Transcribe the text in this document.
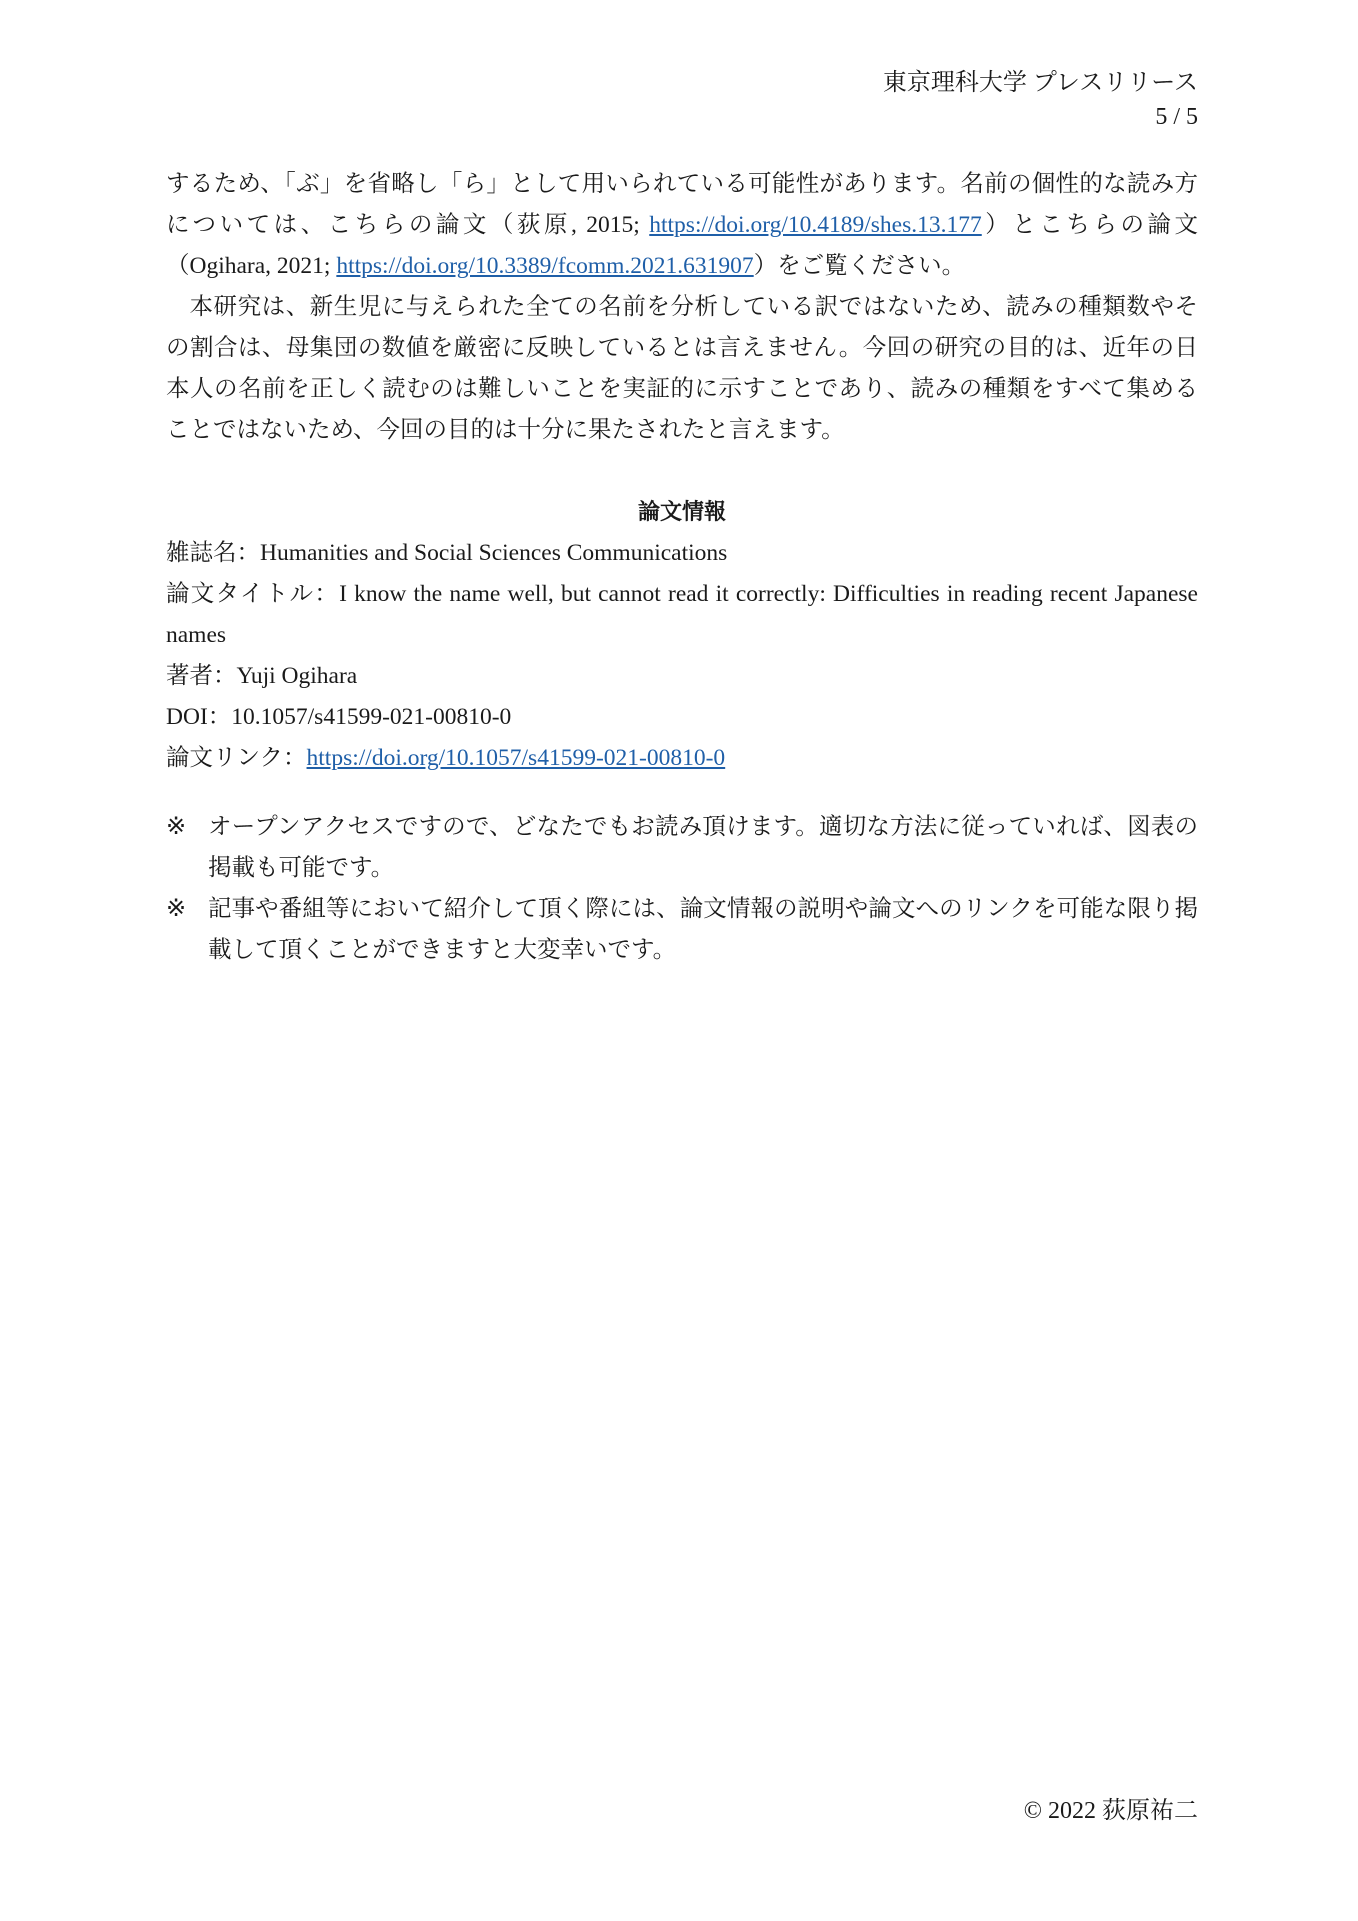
東京理科大学 プレスリリース
5 / 5

するため、「ぶ」を省略し「ら」として用いられている可能性があります。名前の個性的な読み方については、こちらの論文（荻原, 2015; https://doi.org/10.4189/shes.13.177）とこちらの論文（Ogihara, 2021; https://doi.org/10.3389/fcomm.2021.631907）をご覧ください。

本研究は、新生児に与えられた全ての名前を分析している訳ではないため、読みの種類数やその割合は、母集団の数値を厳密に反映しているとは言えません。今回の研究の目的は、近年の日本人の名前を正しく読むのは難しいことを実証的に示すことであり、読みの種類をすべて集めることではないため、今回の目的は十分に果たされたと言えます。

論文情報

雑誌名：Humanities and Social Sciences Communications

論文タイトル：I know the name well, but cannot read it correctly: Difficulties in reading recent Japanese names

著者：Yuji Ogihara

DOI：10.1057/s41599-021-00810-0

論文リンク：https://doi.org/10.1057/s41599-021-00810-0

※ オープンアクセスですので、どなたでもお読み頂けます。適切な方法に従っていれば、図表の掲載も可能です。
※ 記事や番組等において紹介して頂く際には、論文情報の説明や論文へのリンクを可能な限り掲載して頂くことができますと大変幸いです。
© 2022 荻原祐二
